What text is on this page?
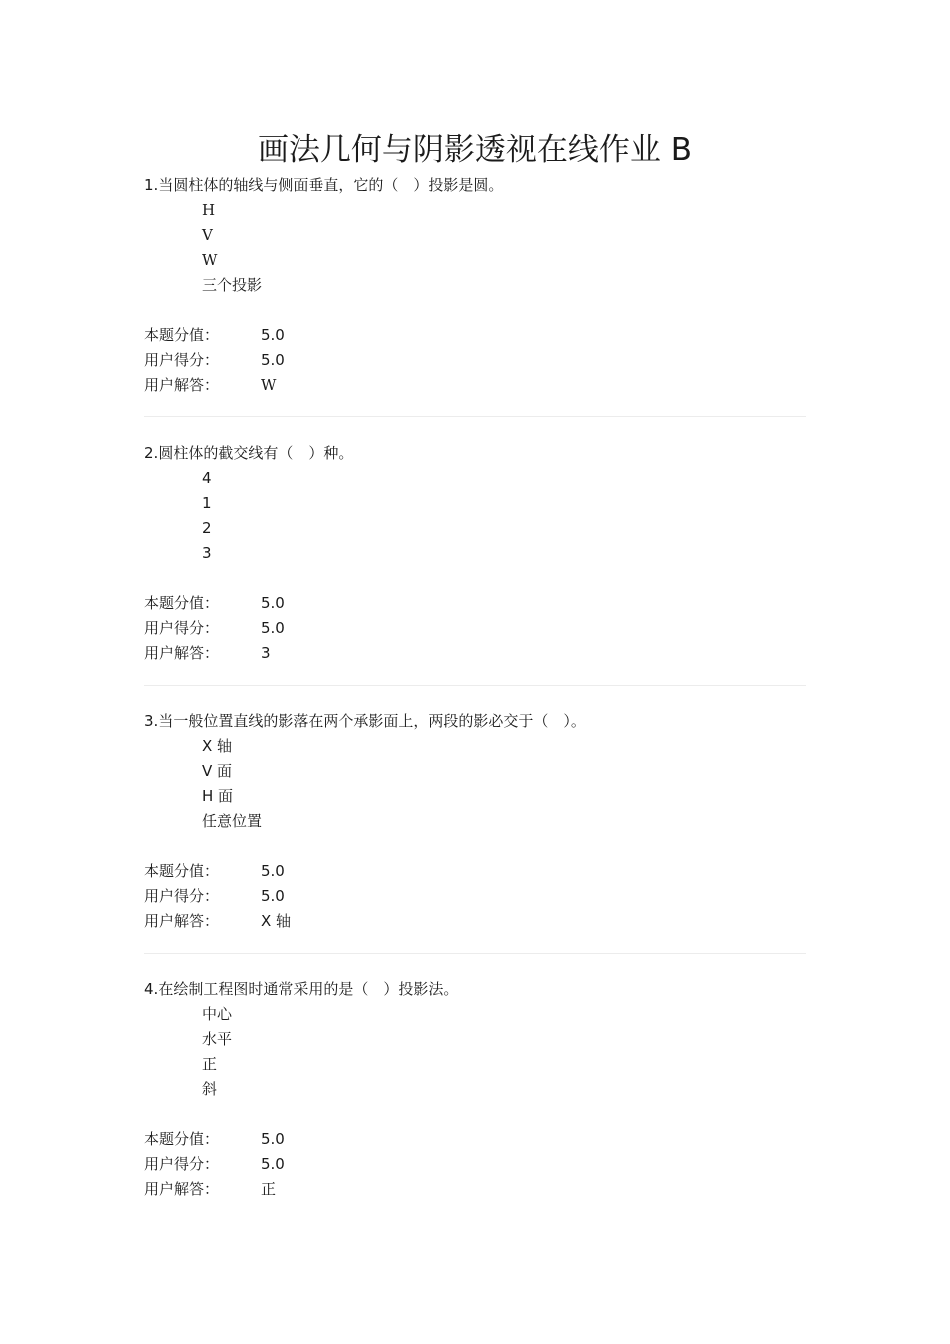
画法几何与阴影透视在线作业 B
1.当圆柱体的轴线与侧面垂直，它的（　）投影是圆。
H
V
W
三个投影
本题分值：	5.0
用户得分：	5.0
用户解答：	W
2.圆柱体的截交线有（　）种。
4
1
2
3
本题分值：	5.0
用户得分：	5.0
用户解答：	3
3.当一般位置直线的影落在两个承影面上，两段的影必交于（　）。
X 轴
V 面
H 面
任意位置
本题分值：	5.0
用户得分：	5.0
用户解答：	X 轴
4.在绘制工程图时通常采用的是（　）投影法。
中心
水平
正
斜
本题分值：	5.0
用户得分：	5.0
用户解答：	正
